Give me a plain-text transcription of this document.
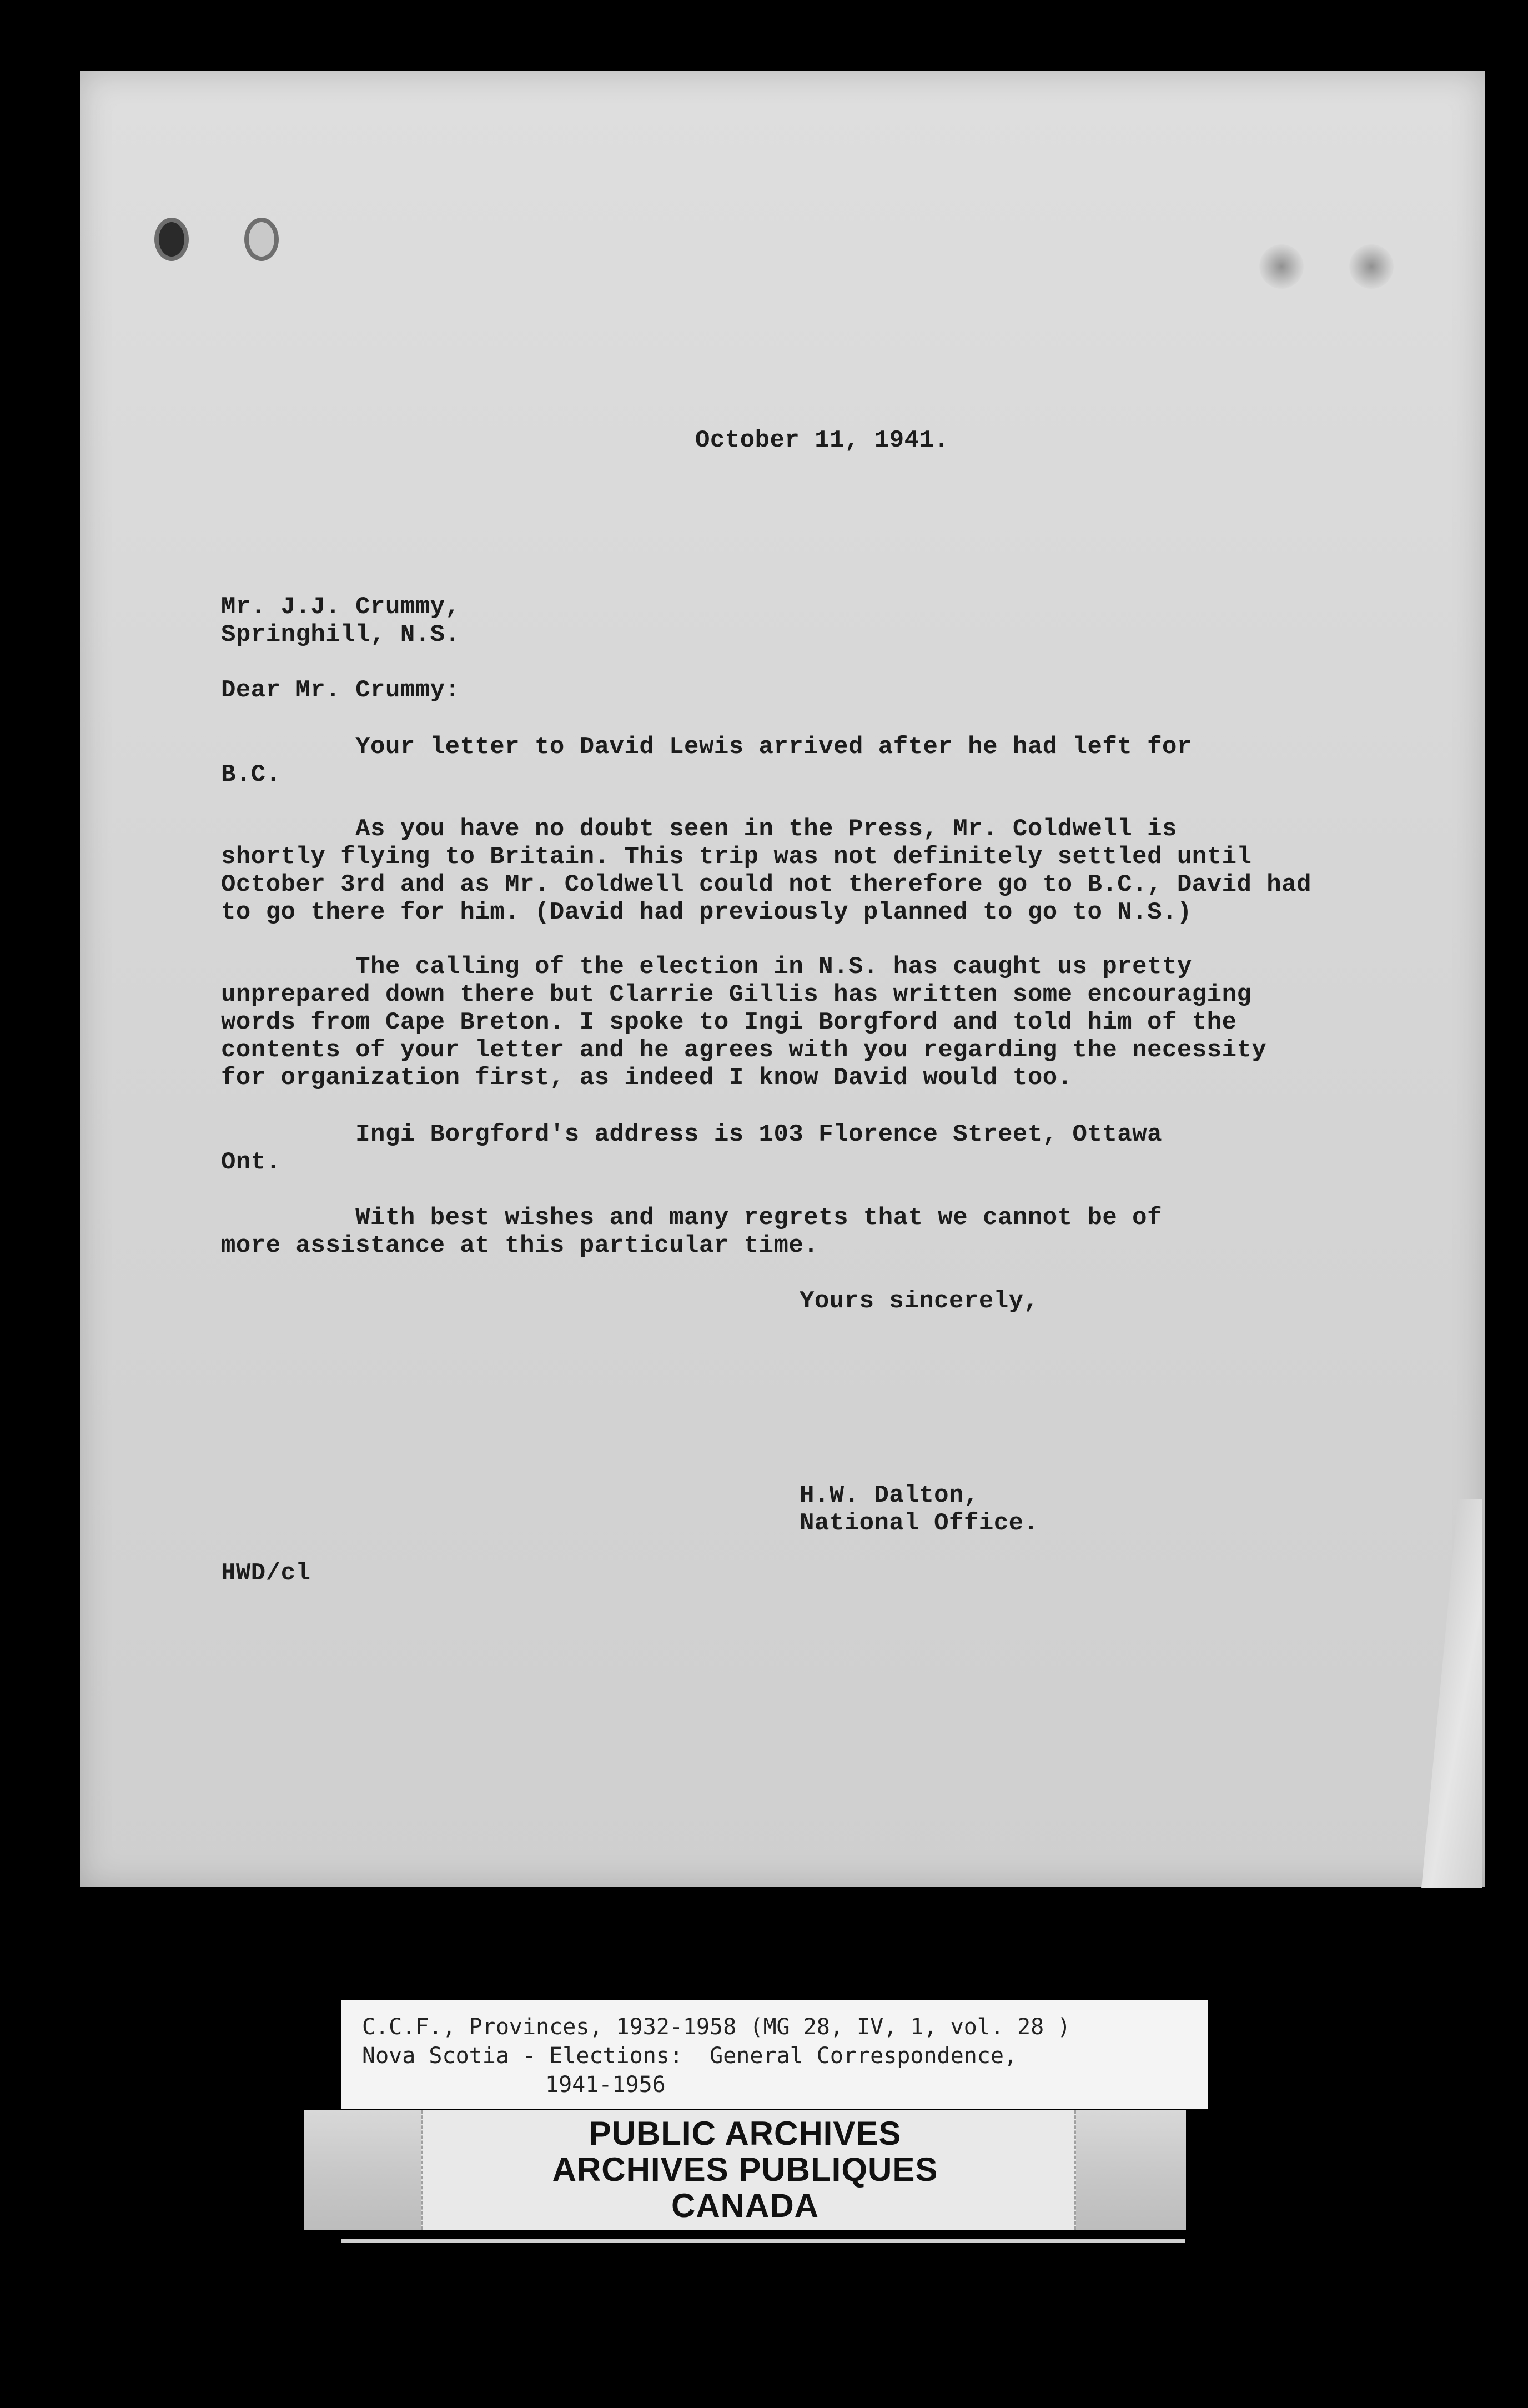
October 11, 1941.

Mr. J.J. Crummy,

Springhill, N.S.

Dear Mr. Crummy:

Your letter to David Lewis arrived after he had left for
B.C.

As you have no doubt seen in the Press, Mr. Coldwell is
shortly flying to Britain. This trip was not definitely settled until
October 3rd and as Mr. Coldwell could not therefore go to B.C., David had
to go there for him. (David had previously planned to go to N.S.)

The calling of the election in N.S. has caught us pretty
unprepared down there but Clarrie Gillis has written some encouraging
words from Cape Breton. I spoke to Ingi Borgford and told him of the
contents of your letter and he agrees with you regarding the necessity
for organization first, as indeed I know David would too.

Ingi Borgford's address is 103 Florence Street, Ottawa
Ont.

With best wishes and many regrets that we cannot be of
more assistance at this particular time.

Yours sincerely,

H.W. Dalton,

National Office.

HWD/cl

C.C.F., Provinces, 1932-1958 (MG 28, IV, 1, vol. 28 )
Nova Scotia - Elections:  General Correspondence,
1941-1956
PUBLIC ARCHIVES
ARCHIVES PUBLIQUES
CANADA
